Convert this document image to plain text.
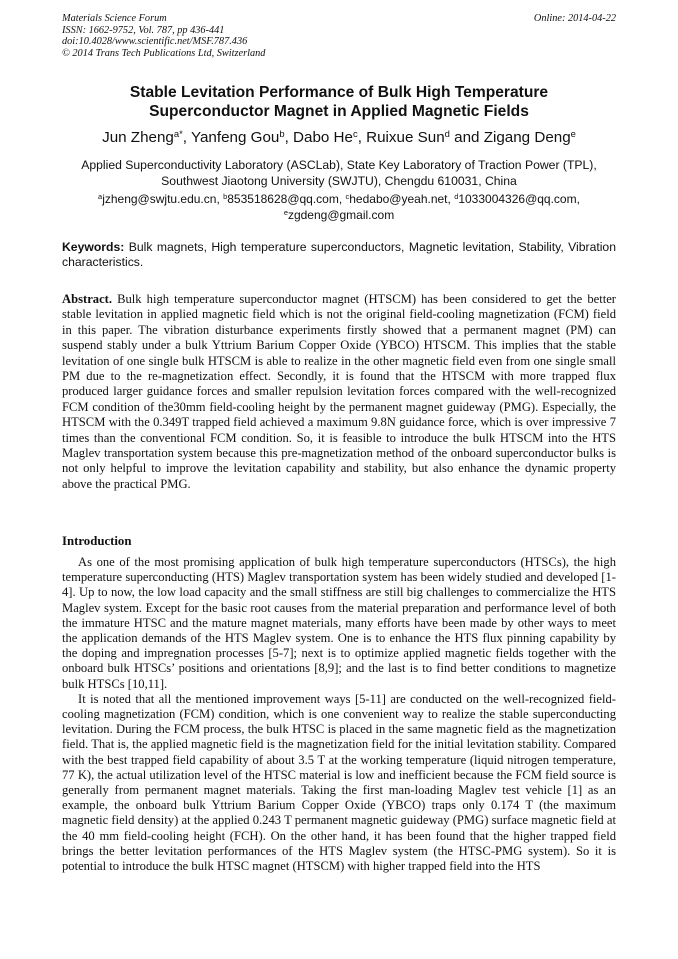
Materials Science Forum
ISSN: 1662-9752, Vol. 787, pp 436-441
doi:10.4028/www.scientific.net/MSF.787.436
© 2014 Trans Tech Publications Ltd, Switzerland
Online: 2014-04-22
Stable Levitation Performance of Bulk High Temperature
Superconductor Magnet in Applied Magnetic Fields
Jun Zheng$^{a*}$, Yanfeng Gou$^b$, Dabo He$^c$, Ruixue Sun$^d$ and Zigang Deng$^e$
Applied Superconductivity Laboratory (ASCLab), State Key Laboratory of Traction Power (TPL),
Southwest Jiaotong University (SWJTU), Chengdu 610031, China
$^a$jzheng@swjtu.edu.cn, $^b$853518628@qq.com, $^c$hedabo@yeah.net, $^d$1033004326@qq.com,
$^e$zgdeng@gmail.com
Keywords: Bulk magnets, High temperature superconductors, Magnetic levitation, Stability, Vibration characteristics.
Abstract. Bulk high temperature superconductor magnet (HTSCM) has been considered to get the better stable levitation in applied magnetic field which is not the original field-cooling magnetization (FCM) field in this paper. The vibration disturbance experiments firstly showed that a permanent magnet (PM) can suspend stably under a bulk Yttrium Barium Copper Oxide (YBCO) HTSCM. This implies that the stable levitation of one single bulk HTSCM is able to realize in the other magnetic field even from one single small PM due to the re-magnetization effect. Secondly, it is found that the HTSCM with more trapped flux produced larger guidance forces and smaller repulsion levitation forces compared with the well-recognized FCM condition of the30mm field-cooling height by the permanent magnet guideway (PMG). Especially, the HTSCM with the 0.349T trapped field achieved a maximum 9.8N guidance force, which is over impressive 7 times than the conventional FCM condition. So, it is feasible to introduce the bulk HTSCM into the HTS Maglev transportation system because this pre-magnetization method of the onboard superconductor bulks is not only helpful to improve the levitation capability and stability, but also enhance the dynamic property above the practical PMG.
Introduction

As one of the most promising application of bulk high temperature superconductors (HTSCs), the high temperature superconducting (HTS) Maglev transportation system has been widely studied and developed [1-4]. Up to now, the low load capacity and the small stiffness are still big challenges to commercialize the HTS Maglev system. Except for the basic root causes from the material preparation and performance level of both the immature HTSC and the mature magnet materials, many efforts have been made by other ways to meet the application demands of the HTS Maglev system. One is to enhance the HTS flux pinning capability by the doping and impregnation processes [5-7]; next is to optimize applied magnetic fields together with the onboard bulk HTSCs’ positions and orientations [8,9]; and the last is to find better conditions to magnetize bulk HTSCs [10,11].

It is noted that all the mentioned improvement ways [5-11] are conducted on the well-recognized field-cooling magnetization (FCM) condition, which is one convenient way to realize the stable superconducting levitation. During the FCM process, the bulk HTSC is placed in the same magnetic field as the magnetization field. That is, the applied magnetic field is the magnetization field for the initial levitation stability. Compared with the best trapped field capability of about 3.5 T at the working temperature (liquid nitrogen temperature, 77 K), the actual utilization level of the HTSC material is low and inefficient because the FCM field source is generally from permanent magnet materials. Taking the first man-loading Maglev test vehicle [1] as an example, the onboard bulk Yttrium Barium Copper Oxide (YBCO) traps only 0.174 T (the maximum magnetic field density) at the applied 0.243 T permanent magnetic guideway (PMG) surface magnetic field at the 40 mm field-cooling height (FCH). On the other hand, it has been found that the higher trapped field brings the better levitation performances of the HTS Maglev system (the HTSC-PMG system). So it is potential to introduce the bulk HTSC magnet (HTSCM) with higher trapped field into the HTS
